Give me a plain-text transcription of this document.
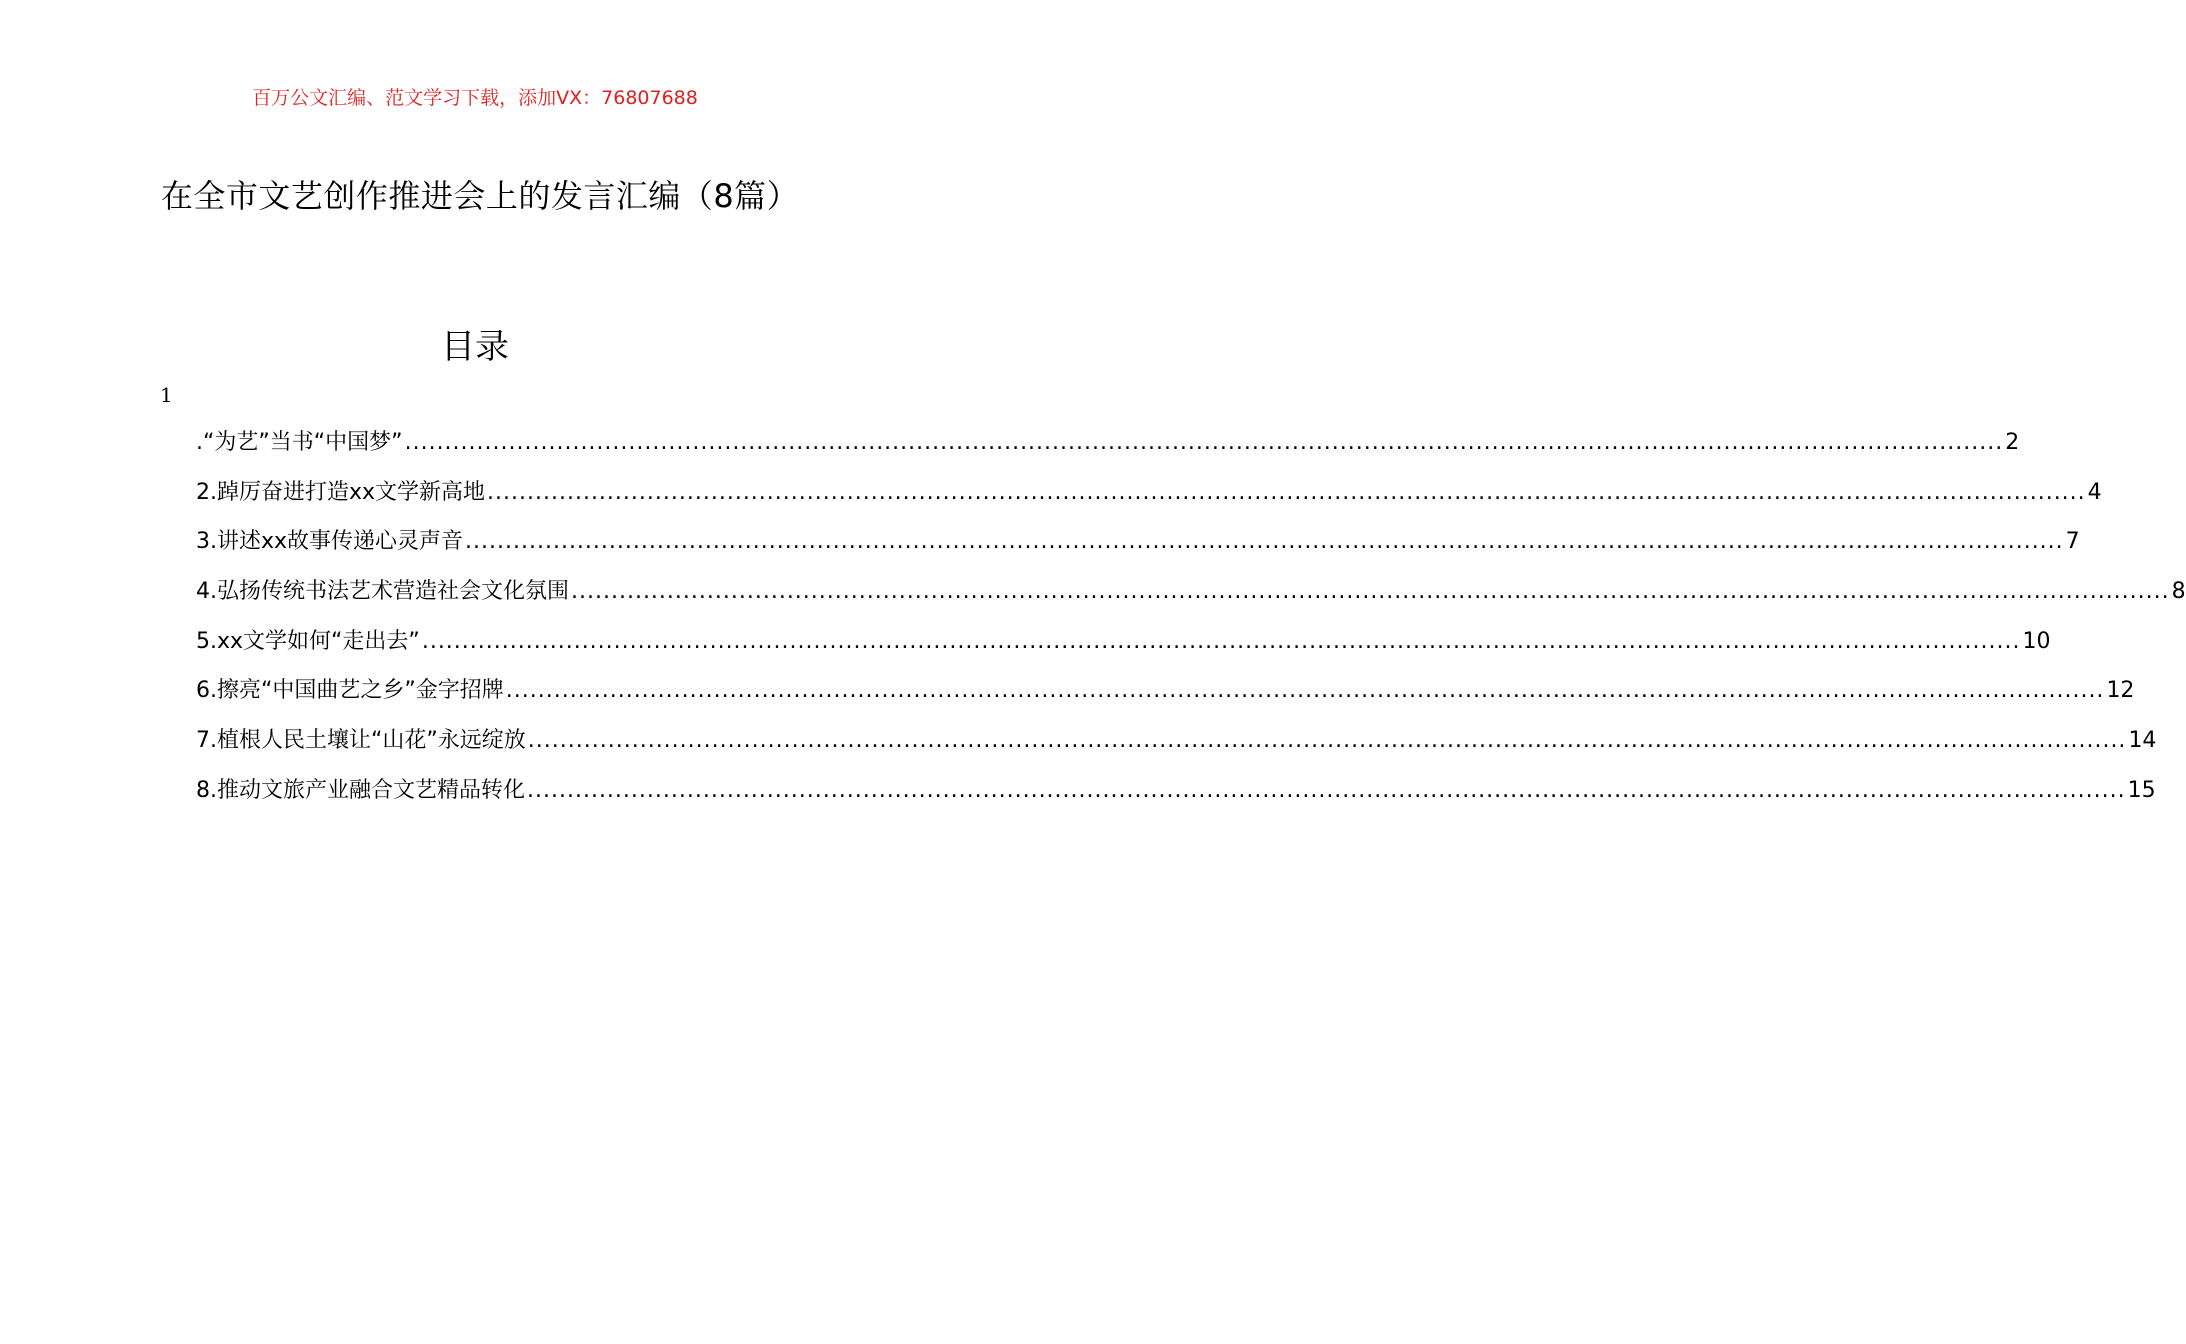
百万公文汇编、范文学习下载，添加VX：76807688
在全市文艺创作推进会上的发言汇编（8篇）
目录
1
.“为艺”当书“中国梦” ........................................................................................................................................................................................................ 2
2.踔厉奋进打造xx文学新高地 ........................................................................................................................................................................................................ 4
3.讲述xx故事传递心灵声音 ........................................................................................................................................................................................................ 7
4.弘扬传统书法艺术营造社会文化氛围 ........................................................................................................................................................................................................ 8
5.xx文学如何“走出去” ........................................................................................................................................................................................................ 10
6.擦亮“中国曲艺之乡”金字招牌 ........................................................................................................................................................................................................ 12
7.植根人民土壤让“山花”永远绽放 ........................................................................................................................................................................................................ 14
8.推动文旅产业融合文艺精品转化 ........................................................................................................................................................................................................ 15
